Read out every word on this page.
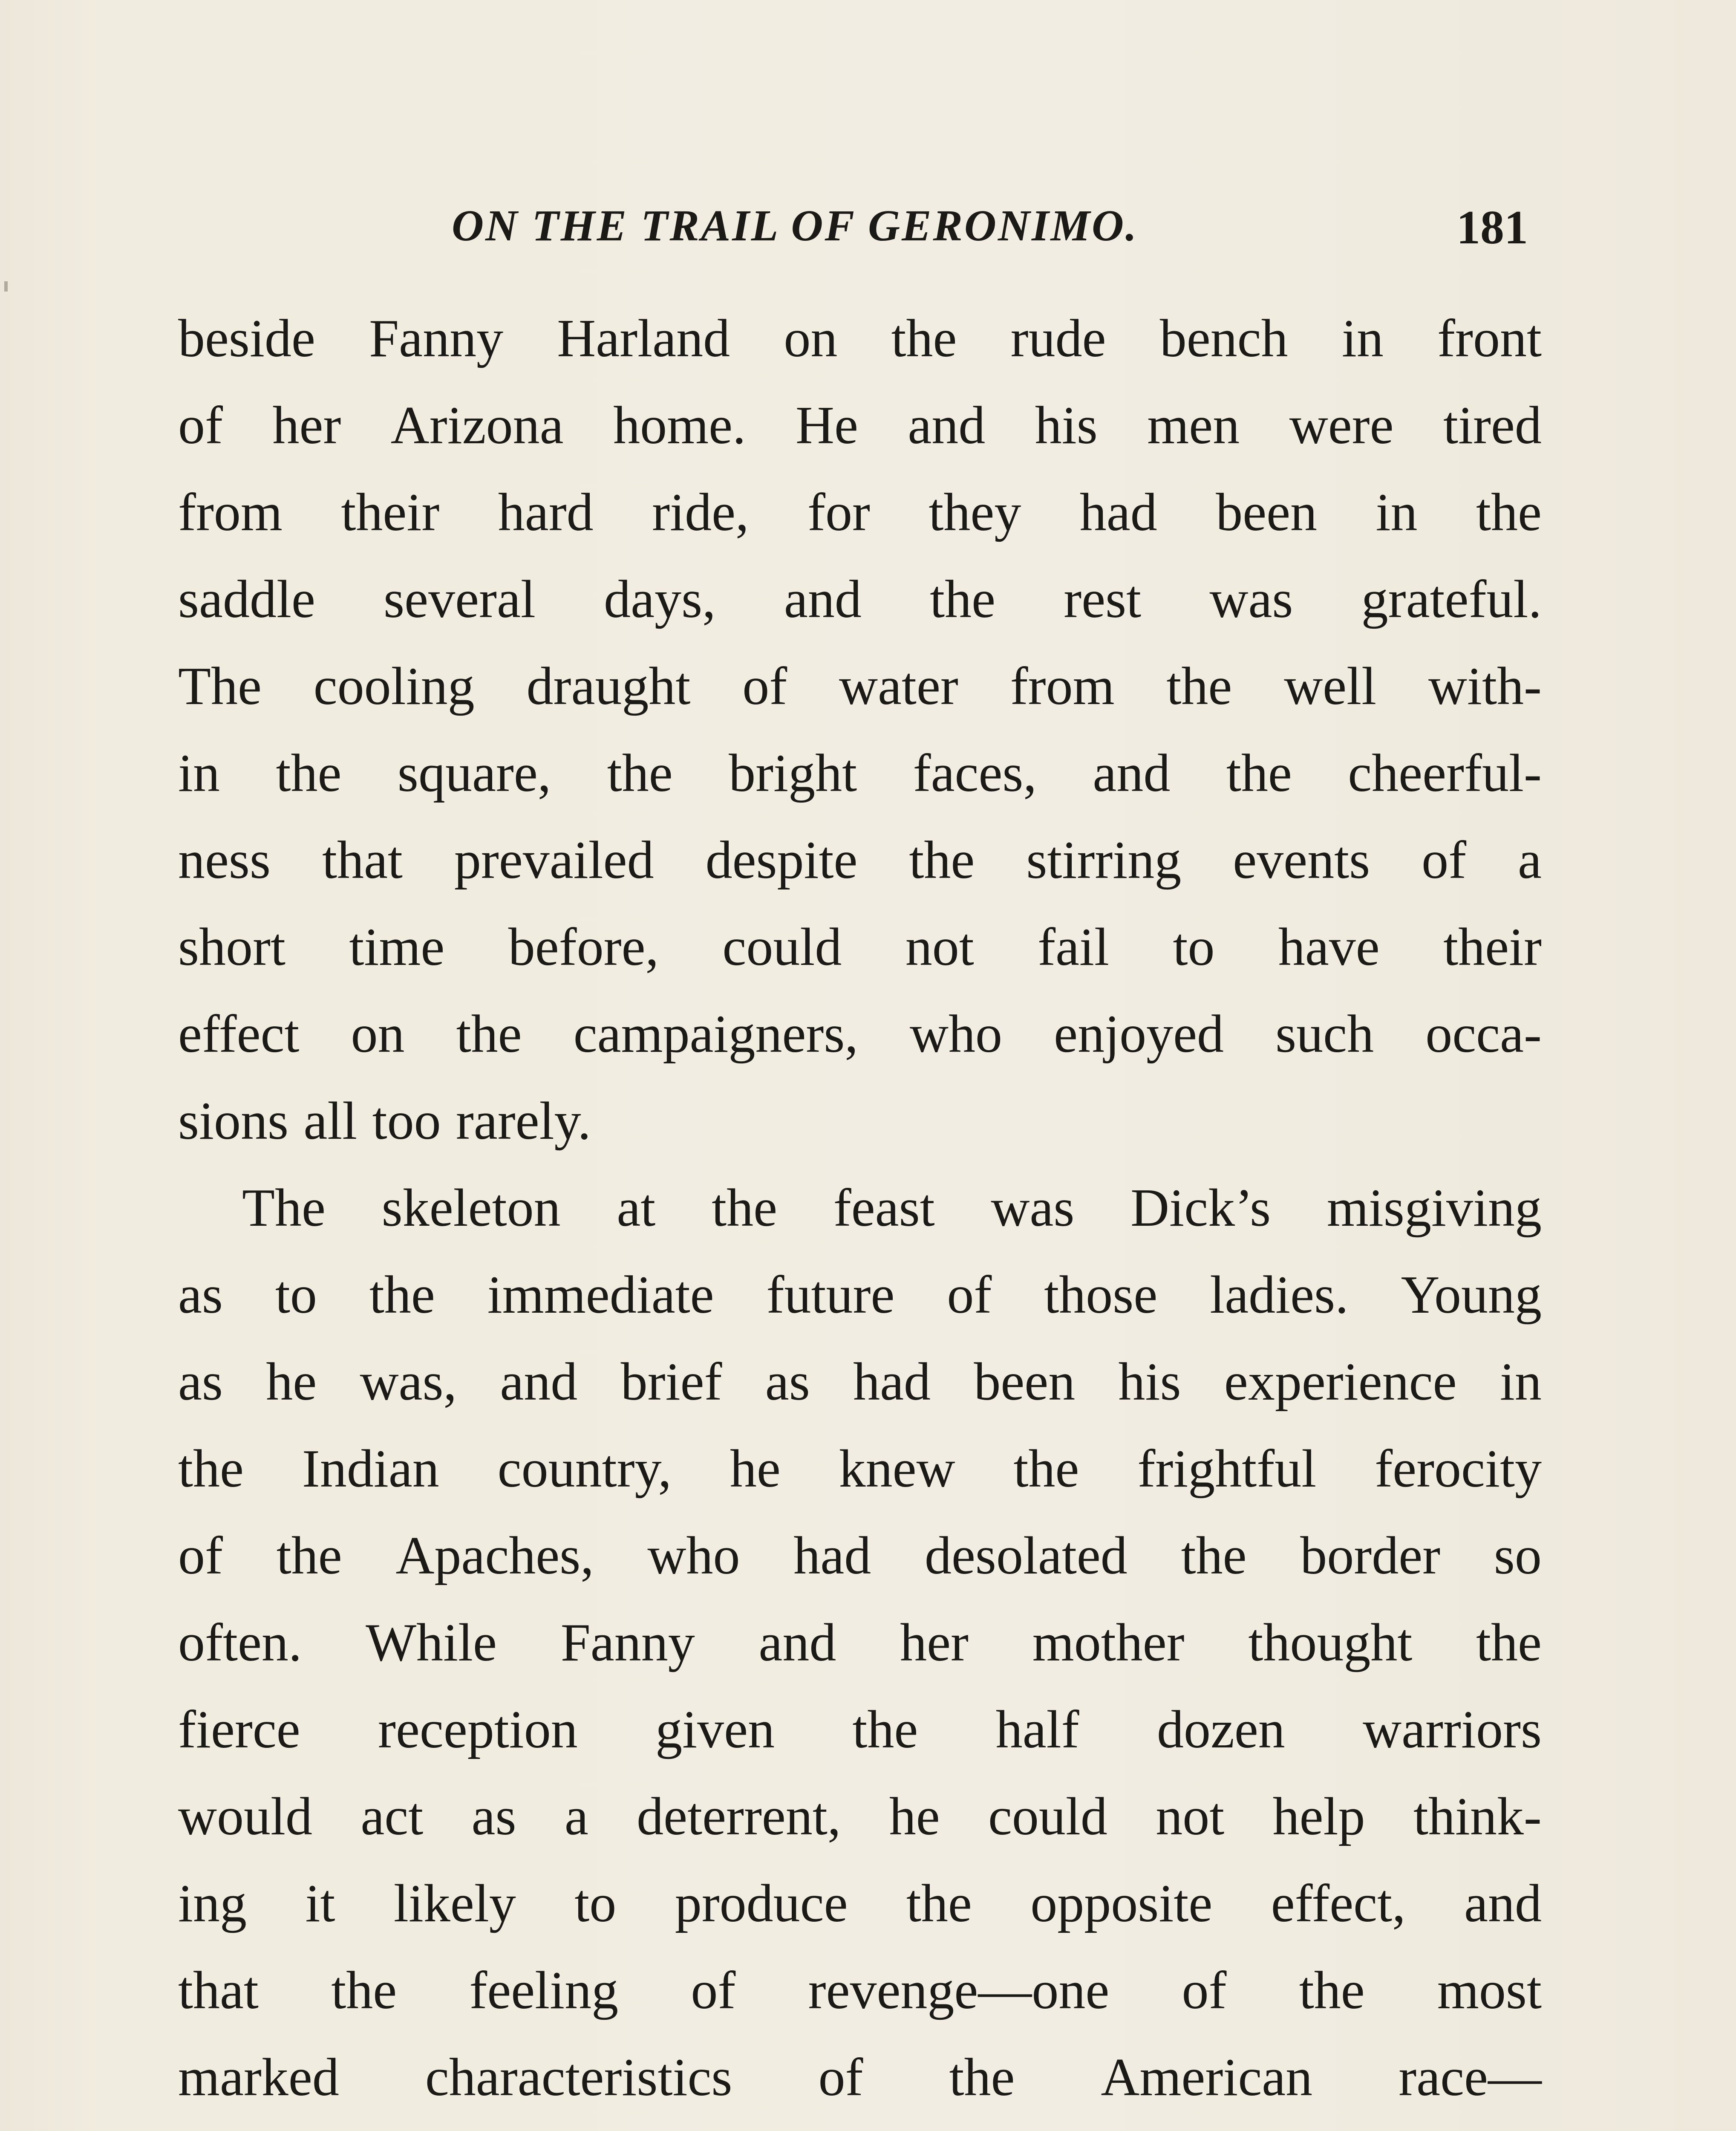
ON THE TRAIL OF GERONIMO.	181
beside Fanny Harland on the rude bench in front
of her Arizona home. He and his men were tired
from their hard ride, for they had been in the
saddle several days, and the rest was grateful.
The cooling draught of water from the well with-
in the square, the bright faces, and the cheerful-
ness that prevailed despite the stirring events of a
short time before, could not fail to have their
effect on the campaigners, who enjoyed such occa-
sions all too rarely.
The skeleton at the feast was Dick’s misgiving
as to the immediate future of those ladies. Young
as he was, and brief as had been his experience in
the Indian country, he knew the frightful ferocity
of the Apaches, who had desolated the border so
often. While Fanny and her mother thought the
fierce reception given the half dozen warriors
would act as a deterrent, he could not help think-
ing it likely to produce the opposite effect, and
that the feeling of revenge—one of the most
marked characteristics of the American race—
